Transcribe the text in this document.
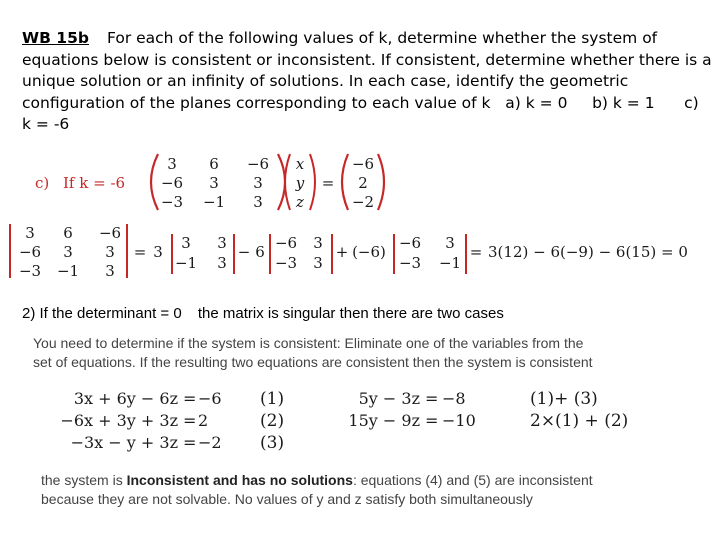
WB 15b For each of the following values of k, determine whether the system of equations below is consistent or inconsistent. If consistent, determine whether there is a unique solution or an infinity of solutions. In each case, identify the geometric configuration of the planes corresponding to each value of k a) k = 0 b) k = 1 c) k = -6
c) If k = -6
3 6 −6
−6 3 3
−3 −1 3
x
y
z
=
−6
2
−2
3 6 −6
−6 3 3
−3 −1 3
= 3 3 3
−1 3
− 6 −6 3
−3 3
+ (−6) −6 3
−3 −1
= 3(12) − 6(−9) − 6(15) = 0
2) If the determinant = 0 the matrix is singular then there are two cases
You need to determine if the system is consistent: Eliminate one of the variables from the
set of equations. If the resulting two equations are consistent then the system is consistent
3x + 6y − 6z = −6
−6x + 3y + 3z = 2
−3x − y + 3z = −2
(1)
(2)
(3)
5y − 3z = −8
15y − 9z = −10
(1)+ (3)
2×(1) + (2)
the system is Inconsistent and has no solutions: equations (4) and (5) are inconsistent
because they are not solvable. No values of y and z satisfy both simultaneously
